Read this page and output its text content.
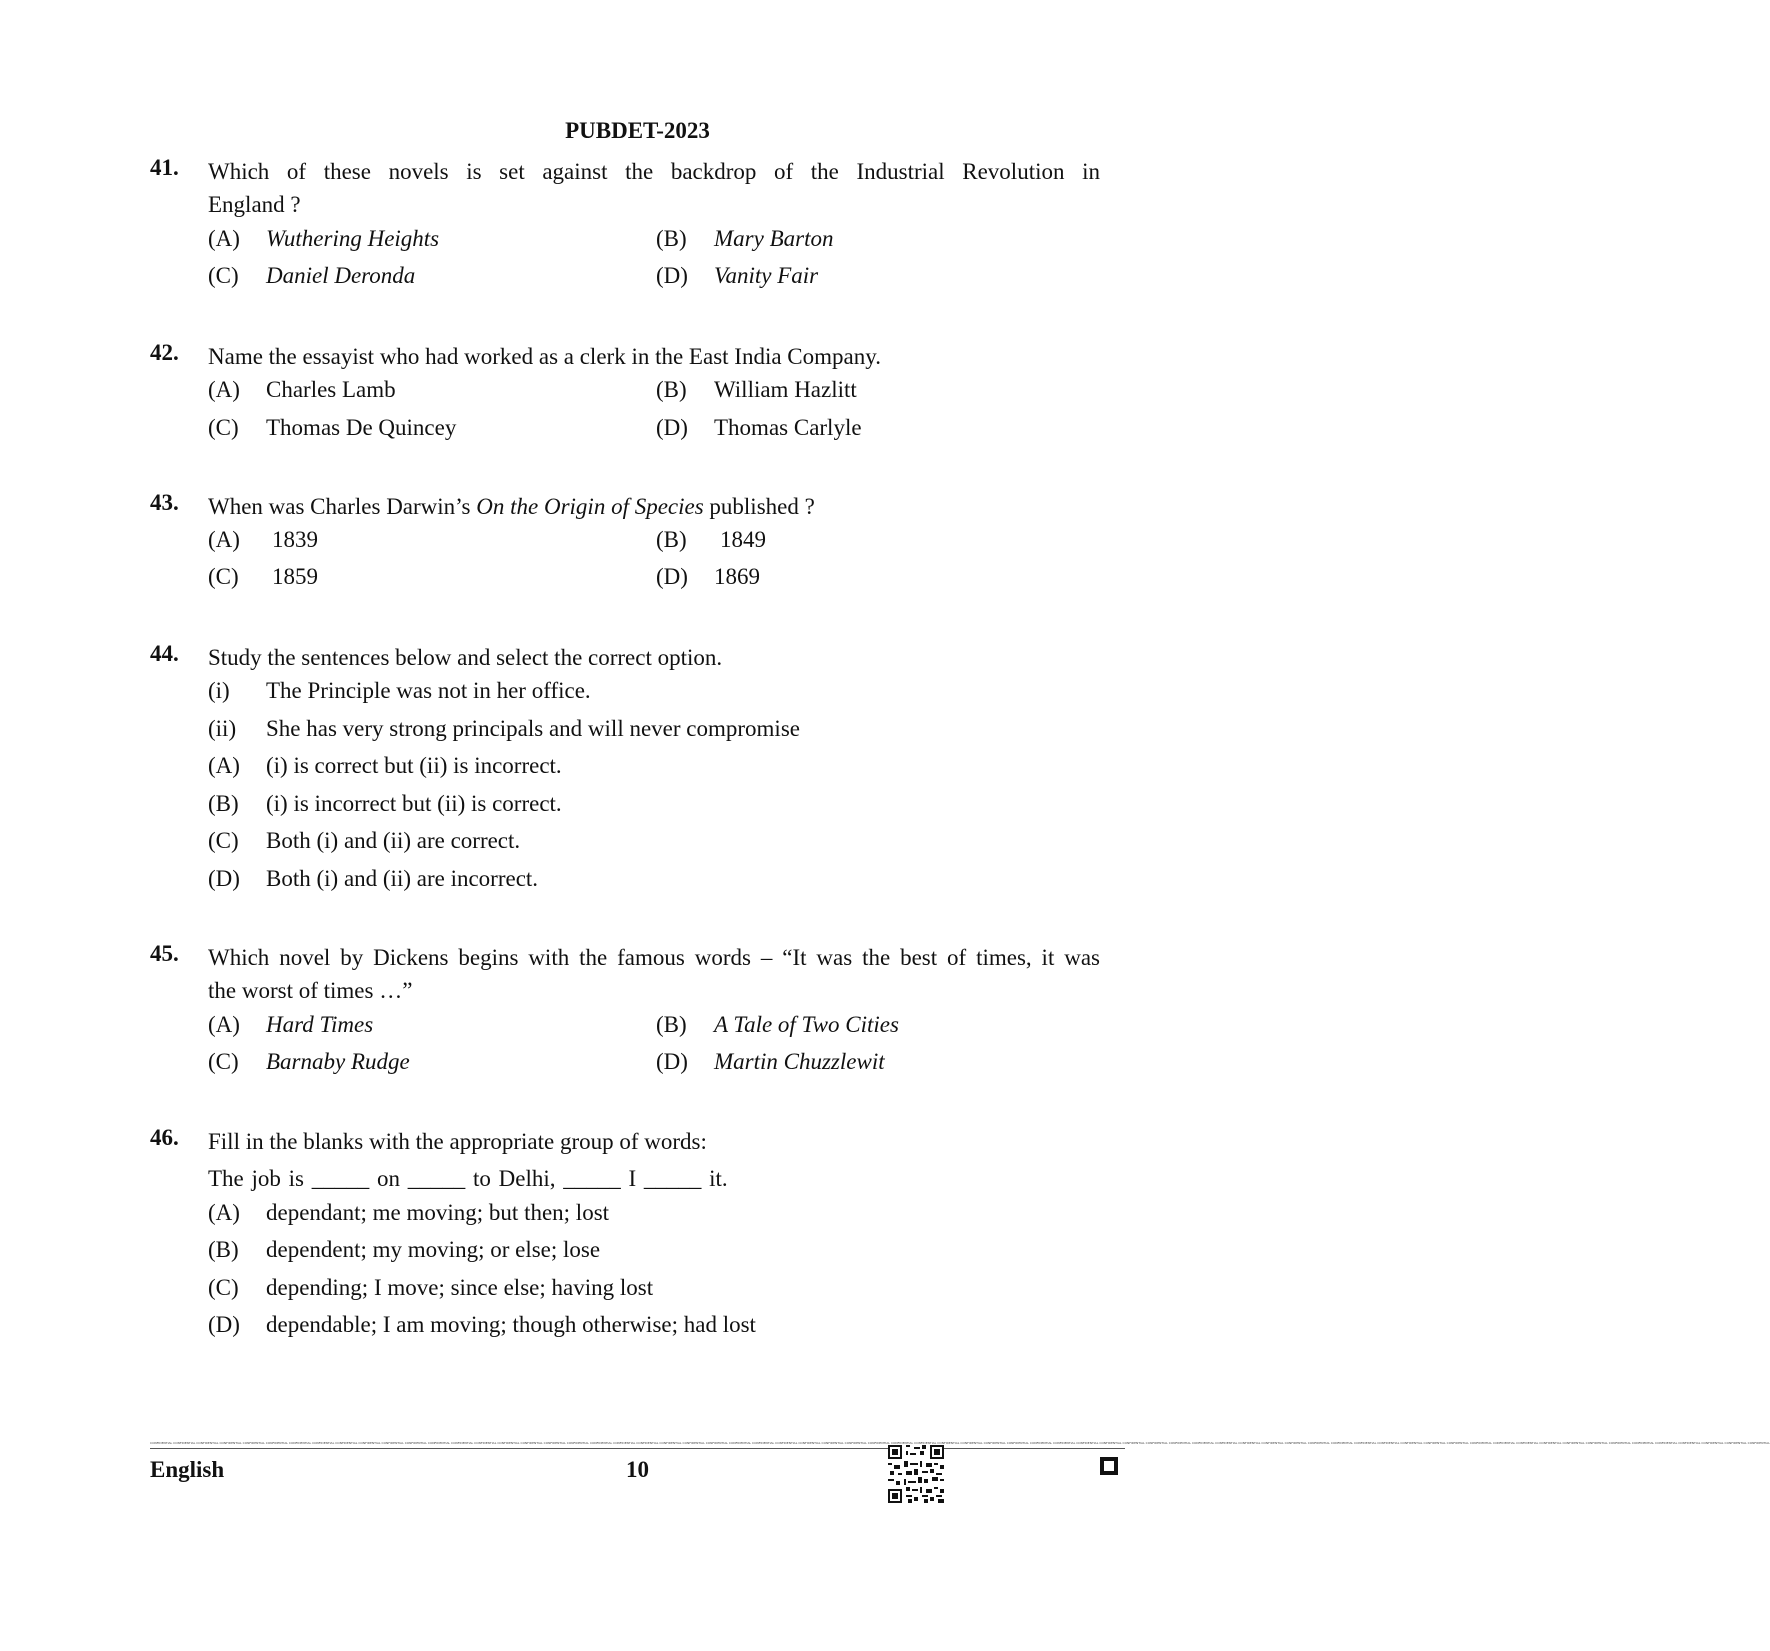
PUBDET-2023
41. Which of these novels is set against the backdrop of the Industrial Revolution in
England ?
(A) Wuthering Heights	(B) Mary Barton
(C) Daniel Deronda	(D) Vanity Fair
42. Name the essayist who had worked as a clerk in the East India Company.
(A) Charles Lamb	(B) William Hazlitt
(C) Thomas De Quincey	(D) Thomas Carlyle
43. When was Charles Darwin’s On the Origin of Species published ?
(A) 1839	(B) 1849
(C) 1859	(D) 1869
44. Study the sentences below and select the correct option.
(i) The Principle was not in her office.
(ii) She has very strong principals and will never compromise
(A) (i) is correct but (ii) is incorrect.
(B) (i) is incorrect but (ii) is correct.
(C) Both (i) and (ii) are correct.
(D) Both (i) and (ii) are incorrect.
45. Which novel by Dickens begins with the famous words – “It was the best of times, it was
the worst of times …”
(A) Hard Times	(B) A Tale of Two Cities
(C) Barnaby Rudge	(D) Martin Chuzzlewit
46. Fill in the blanks with the appropriate group of words:
The job is _____ on _____ to Delhi, _____ I _____ it.
(A) dependant; me moving; but then; lost
(B) dependent; my moving; or else; lose
(C) depending; I move; since else; having lost
(D) dependable; I am moving; though otherwise; had lost
CONFIDENTIAL CONFIDENTIAL CONFIDENTIAL CONFIDENTIAL CONFIDENTIAL CONFIDENTIAL CONFIDENTIAL CONFIDENTIAL CONFIDENTIAL CONFIDENTIAL CONFIDENTIAL CONFIDENTIAL CONFIDENTIAL CONFIDENTIAL CONFIDENTIAL CONFIDENTIAL CONFIDENTIAL CONFIDENTIAL CONFIDENTIAL CONFIDENTIAL CONFIDENTIAL CONFIDENTIAL CONFIDENTIAL CONFIDENTIAL CONFIDENTIAL CONFIDENTIAL CONFIDENTIAL CONFIDENTIAL CONFIDENTIAL CONFIDENTIAL CONFIDENTIAL CONFIDENTIAL CONFIDENTIAL CONFIDENTIAL CONFIDENTIAL CONFIDENTIAL CONFIDENTIAL CONFIDENTIAL CONFIDENTIAL CONFIDENTIAL CONFIDENTIAL CONFIDENTIAL CONFIDENTIAL CONFIDENTIAL CONFIDENTIAL CONFIDENTIAL CONFIDENTIAL CONFIDENTIAL CONFIDENTIAL CONFIDENTIAL CONFIDENTIAL CONFIDENTIAL CONFIDENTIAL CONFIDENTIAL CONFIDENTIAL CONFIDENTIAL CONFIDENTIAL CONFIDENTIAL CONFIDENTIAL CONFIDENTIAL CONFIDENTIAL CONFIDENTIAL CONFIDENTIAL CONFIDENTIAL CONFIDENTIAL CONFIDENTIAL CONFIDENTIAL CONFIDENTIAL CONFIDENTIAL CONFIDENTIAL
English	10
